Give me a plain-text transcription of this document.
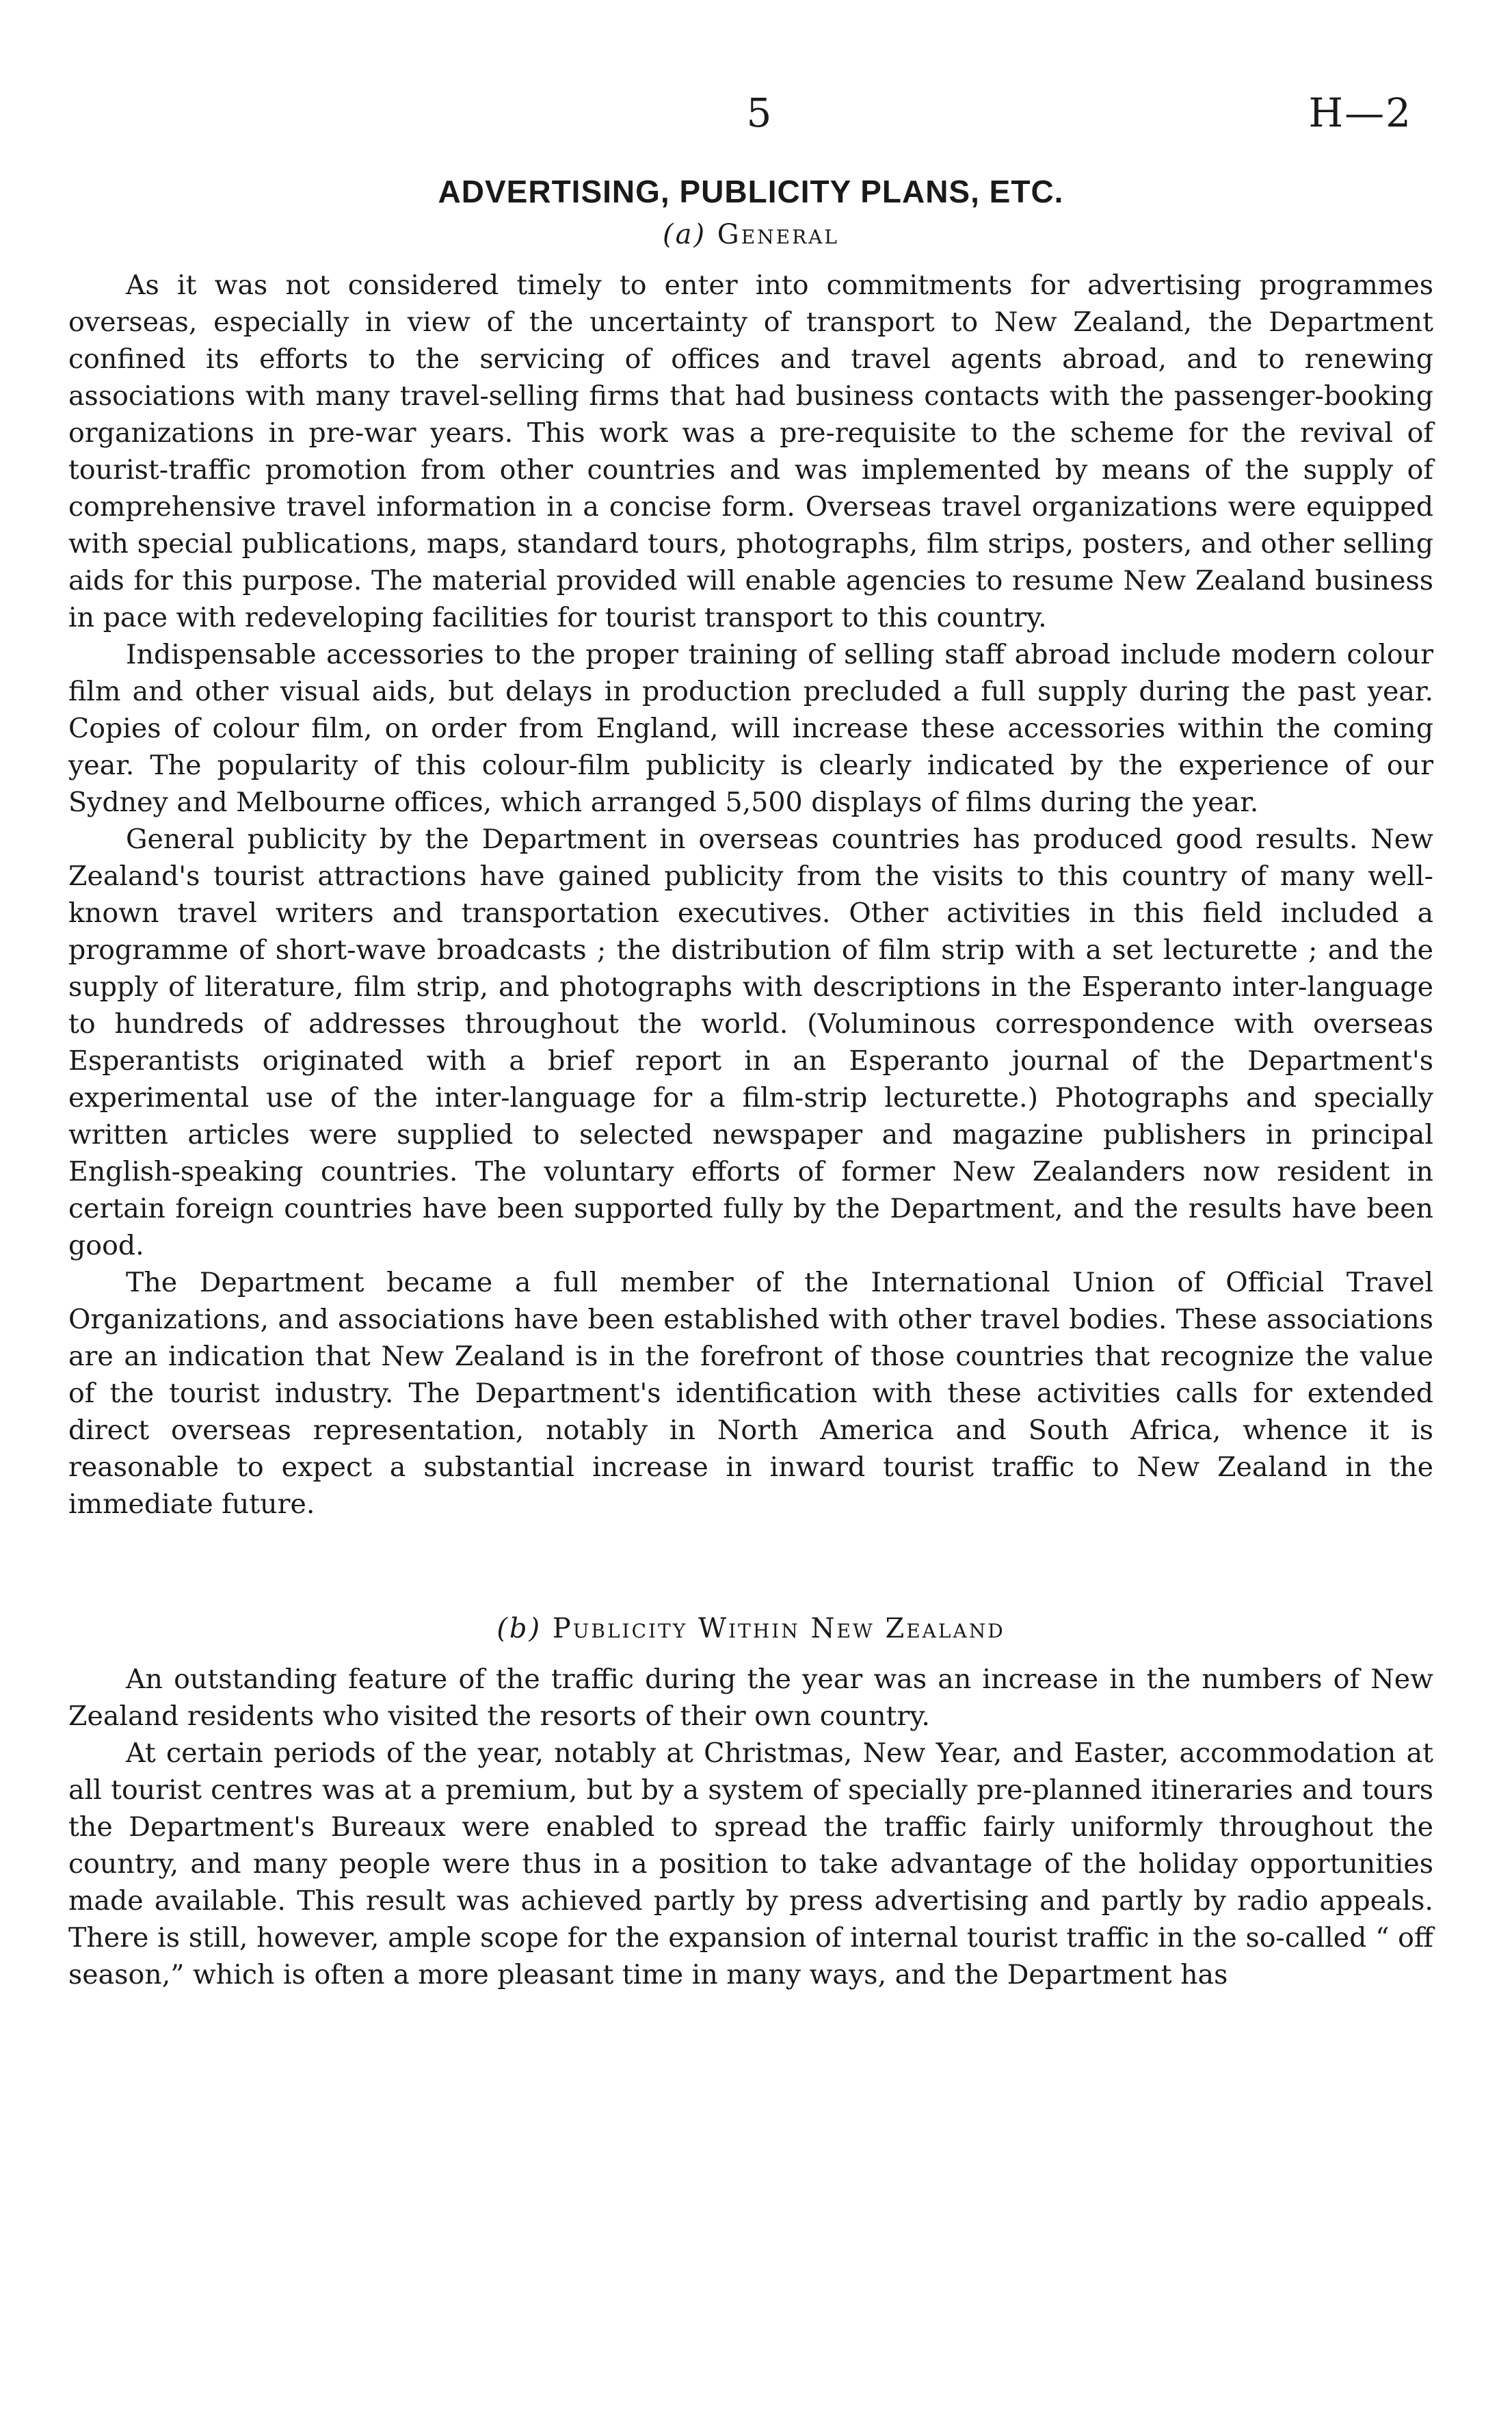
5	H—2
ADVERTISING, PUBLICITY PLANS, ETC.
(a) General

As it was not considered timely to enter into commitments for advertising programmes overseas, especially in view of the uncertainty of transport to New Zealand, the Department confined its efforts to the servicing of offices and travel agents abroad, and to renewing associations with many travel-selling firms that had business contacts with the passenger-booking organizations in pre-war years. This work was a pre-requisite to the scheme for the revival of tourist-traffic promotion from other countries and was implemented by means of the supply of comprehensive travel information in a concise form. Overseas travel organizations were equipped with special publications, maps, standard tours, photographs, film strips, posters, and other selling aids for this purpose. The material provided will enable agencies to resume New Zealand business in pace with redeveloping facilities for tourist transport to this country.

Indispensable accessories to the proper training of selling staff abroad include modern colour film and other visual aids, but delays in production precluded a full supply during the past year. Copies of colour film, on order from England, will increase these accessories within the coming year. The popularity of this colour-film publicity is clearly indicated by the experience of our Sydney and Melbourne offices, which arranged 5,500 displays of films during the year.

General publicity by the Department in overseas countries has produced good results. New Zealand's tourist attractions have gained publicity from the visits to this country of many well-known travel writers and transportation executives. Other activities in this field included a programme of short-wave broadcasts ; the distribution of film strip with a set lecturette ; and the supply of literature, film strip, and photographs with descriptions in the Esperanto inter-language to hundreds of addresses throughout the world. (Voluminous correspondence with overseas Esperantists originated with a brief report in an Esperanto journal of the Department's experimental use of the inter-language for a film-strip lecturette.) Photographs and specially written articles were supplied to selected newspaper and magazine publishers in principal English-speaking countries. The voluntary efforts of former New Zealanders now resident in certain foreign countries have been supported fully by the Department, and the results have been good.

The Department became a full member of the International Union of Official Travel Organizations, and associations have been established with other travel bodies. These associations are an indication that New Zealand is in the forefront of those countries that recognize the value of the tourist industry. The Department's identification with these activities calls for extended direct overseas representation, notably in North America and South Africa, whence it is reasonable to expect a substantial increase in inward tourist traffic to New Zealand in the immediate future.

(b) Publicity Within New Zealand

An outstanding feature of the traffic during the year was an increase in the numbers of New Zealand residents who visited the resorts of their own country.

At certain periods of the year, notably at Christmas, New Year, and Easter, accommodation at all tourist centres was at a premium, but by a system of specially pre-planned itineraries and tours the Department's Bureaux were enabled to spread the traffic fairly uniformly throughout the country, and many people were thus in a position to take advantage of the holiday opportunities made available. This result was achieved partly by press advertising and partly by radio appeals. There is still, however, ample scope for the expansion of internal tourist traffic in the so-called “ off season,” which is often a more pleasant time in many ways, and the Department has
